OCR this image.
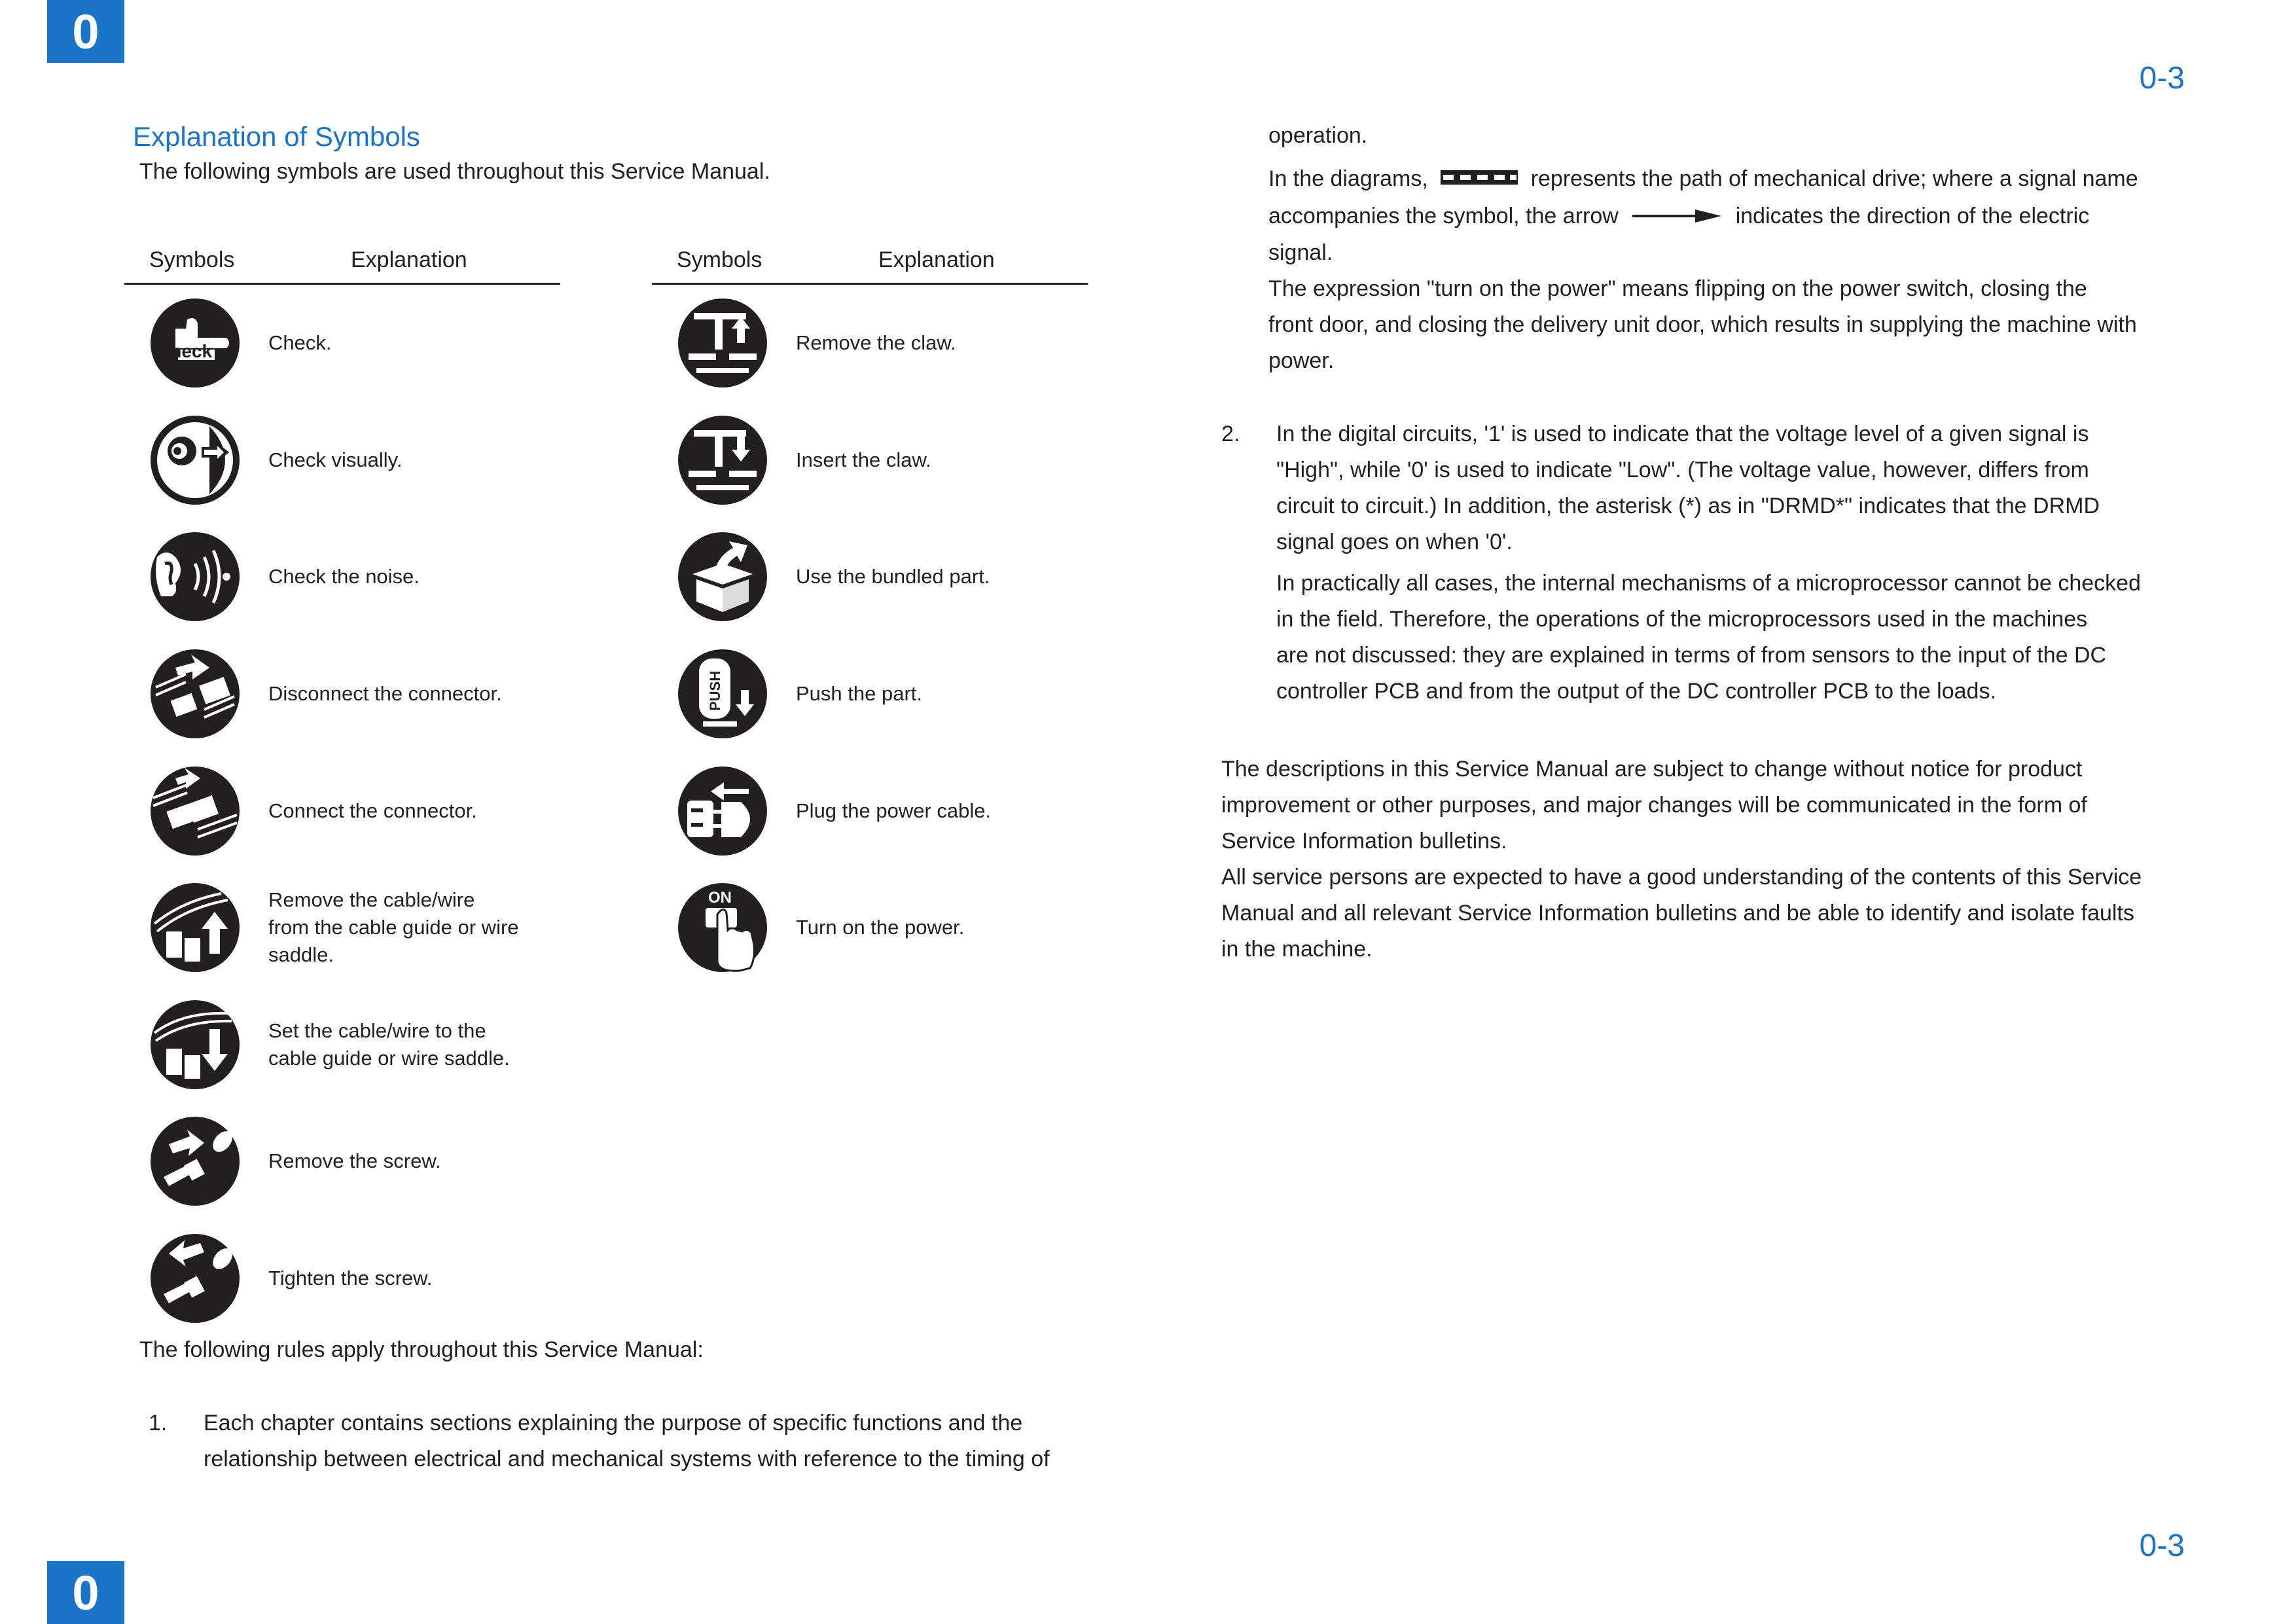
0
0
0-3
0-3
Explanation of Symbols
The following symbols are used throughout this Service Manual.
Symbols	Explanation
Check	Check.
Check visually.
Check the noise.
Disconnect the connector.
Connect the connector.
Remove the cable/wire
from the cable guide or wire
saddle.
Set the cable/wire to the
cable guide or wire saddle.
Remove the screw.
Tighten the screw.
Symbols	Explanation
Remove the claw.
Insert the claw.
Use the bundled part.
PUSH	Push the part.
Plug the power cable.
ON
Turn on the power.
The following rules apply throughout this Service Manual:
1. Each chapter contains sections explaining the purpose of specific functions and the
relationship between electrical and mechanical systems with reference to the timing of
operation.
In the diagrams,	represents the path of mechanical drive; where a signal name
accompanies the symbol, the arrow	indicates the direction of the electric
signal.
The expression "turn on the power" means flipping on the power switch, closing the
front door, and closing the delivery unit door, which results in supplying the machine with
power.
2. In the digital circuits, '1' is used to indicate that the voltage level of a given signal is
"High", while '0' is used to indicate "Low". (The voltage value, however, differs from
circuit to circuit.) In addition, the asterisk (*) as in "DRMD*" indicates that the DRMD
signal goes on when '0'.
In practically all cases, the internal mechanisms of a microprocessor cannot be checked
in the field. Therefore, the operations of the microprocessors used in the machines
are not discussed: they are explained in terms of from sensors to the input of the DC
controller PCB and from the output of the DC controller PCB to the loads.
The descriptions in this Service Manual are subject to change without notice for product
improvement or other purposes, and major changes will be communicated in the form of
Service Information bulletins.
All service persons are expected to have a good understanding of the contents of this Service
Manual and all relevant Service Information bulletins and be able to identify and isolate faults
in the machine.
